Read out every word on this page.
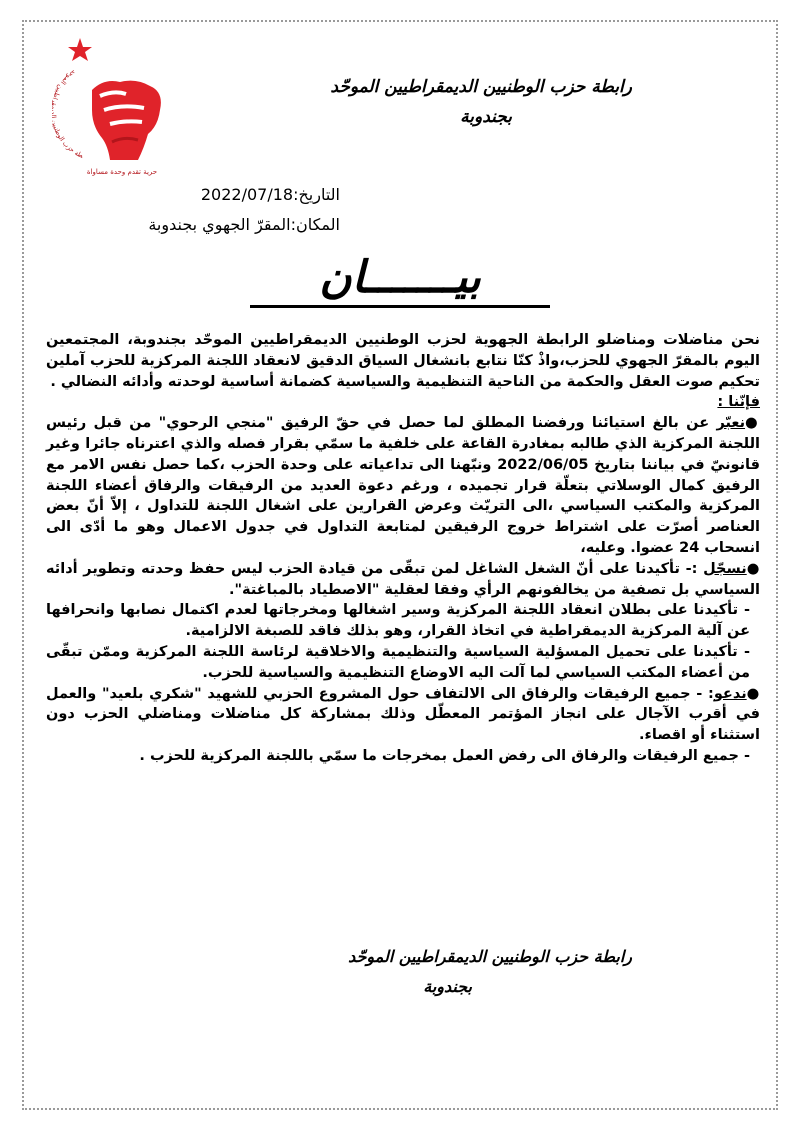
طة حزب الوطنيي طيين الموحد
حرية تقدم وحدة مساواة
رابطة حزب الوطنيين الديمقراطيين الموحّد
بجندوبة
التاريخ:2022/07/18
المكان:المقرّ الجهوي بجندوبة
بيـــــــان

نحن مناضلات ومناضلو الرابطة الجهوية لحزب الوطنيين الديمقراطيين الموحّد بجندوبة، المجتمعين اليوم بالمقرّ الجهوي للحزب،واذْ كنّا نتابع بانشغال السياق الدقيق لانعقاد اللجنة المركزية للحزب آملين تحكيم صوت العقل والحكمة من الناحية التنظيمية والسياسية كضمانة أساسية لوحدته وأدائه النضالي .

فإنّنا :

●نعبّر عن بالغ استيائنا ورفضنا المطلق لما حصل في حقّ الرفيق "منجي الرحوي" من قبل رئيس اللجنة المركزية الذي طالبه بمغادرة القاعة على خلفية ما سمّي بقرار فصله والذي اعترناه جائرا وغير قانونيّ في بياننا بتاريخ 2022/06/05 ونبّهنا الى تداعياته على وحدة الحزب ،كما حصل نفس الامر مع الرفيق كمال الوسلاتي بتعلّة قرار تجميده ، ورغم دعوة العديد من الرفيقات والرفاق أعضاء اللجنة المركزية والمكتب السياسي ،الى التريّث وعرض القرارين على اشغال اللجنة للتداول ، إلاّ أنّ بعض العناصر أصرّت على اشتراط خروج الرفيقين لمتابعة التداول في جدول الاعمال وهو ما أدّى الى انسحاب 24 عضوا. وعليه،

●نسجّل :- تأكيدنا على أنّ الشغل الشاغل لمن تبقّى من قيادة الحزب ليس حفظ وحدته وتطوير أدائه السياسي بل تصفية من يخالفونهم الرأي وفقا لعقلية "الاصطياد بالمباغتة".

- تأكيدنا على بطلان انعقاد اللجنة المركزية وسير اشغالها ومخرجاتها لعدم اكتمال نصابها وانحرافها عن آلية المركزية الديمقراطية في اتخاذ القرار، وهو بذلك فاقد للصبغة الالزامية.

- تأكيدنا على تحميل المسؤلية السياسية والتنظيمية والاخلاقية لرئاسة اللجنة المركزية وممّن تبقّى من أعضاء المكتب السياسي لما آلت اليه الاوضاع التنظيمية والسياسية للحزب.

●ندعو: - جميع الرفيقات والرفاق الى الالتفاف حول المشروع الحزبي للشهيد "شكري بلعيد" والعمل في أقرب الآجال على انجاز المؤتمر المعطّل وذلك بمشاركة كل مناضلات ومناضلي الحزب دون استثناء أو اقصاء.

- جميع الرفيقات والرفاق الى رفض العمل بمخرجات ما سمّي باللجنة المركزية للحزب .

رابطة حزب الوطنيين الديمقراطيين الموحّد
بجندوبة
